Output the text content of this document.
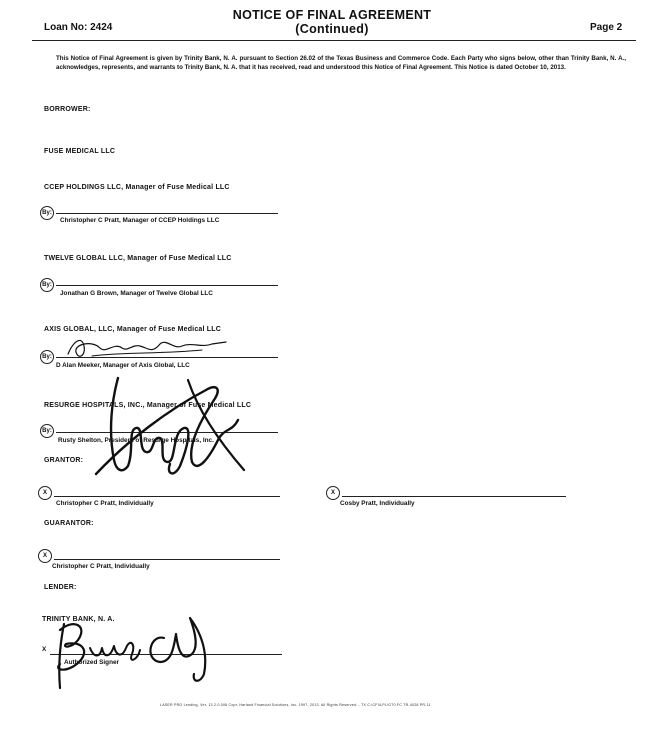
NOTICE OF FINAL AGREEMENT
(Continued)
Loan No: 2424	Page 2
This Notice of Final Agreement is given by Trinity Bank, N. A. pursuant to Section 26.02 of the Texas Business and Commerce Code. Each Party who signs below, other than Trinity Bank, N. A., acknowledges, represents, and warrants to Trinity Bank, N. A. that it has received, read and understood this Notice of Final Agreement. This Notice is dated October 10, 2013.
BORROWER:
FUSE MEDICAL LLC
CCEP HOLDINGS LLC, Manager of Fuse Medical LLC
By:
Christopher C Pratt, Manager of CCEP Holdings LLC
TWELVE GLOBAL LLC, Manager of Fuse Medical LLC
By:
Jonathan G Brown, Manager of Twelve Global LLC
AXIS GLOBAL, LLC, Manager of Fuse Medical LLC
By:
D Alan Meeker, Manager of Axis Global, LLC
RESURGE HOSPITALS, INC., Manager of Fuse Medical LLC
By:
Rusty Shelton, President of Resurge Hospitals, Inc.
GRANTOR:
X
Christopher C Pratt, Individually
X
Cosby Pratt, Individually
GUARANTOR:
X
Christopher C Pratt, Individually
LENDER:
TRINITY BANK, N. A.
X
Authorized Signer
LASER PRO Lending, Ver. 13.2.0.006 Copr. Harland Financial Solutions, Inc. 1997, 2013. All Rights Reserved. - TX C:\CFI\LPL\G70.FC TR-4028 PR-11
